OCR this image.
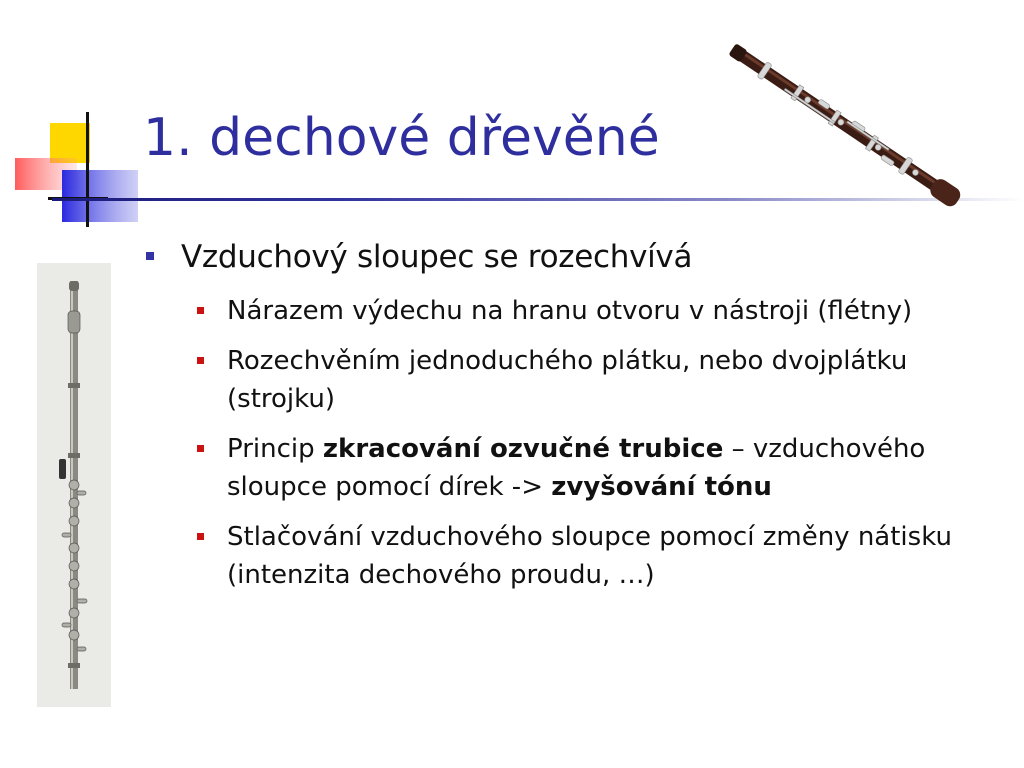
1. dechové dřevěné
Vzduchový sloupec se rozechvívá
Nárazem výdechu na hranu otvoru v nástroji (flétny)
Rozechvěním jednoduchého plátku, nebo dvojplátku (strojku)
Princip zkracování ozvučné trubice – vzduchového sloupce pomocí dírek -> zvyšování tónu
Stlačování vzduchového sloupce pomocí změny nátisku (intenzita dechového proudu, …)
